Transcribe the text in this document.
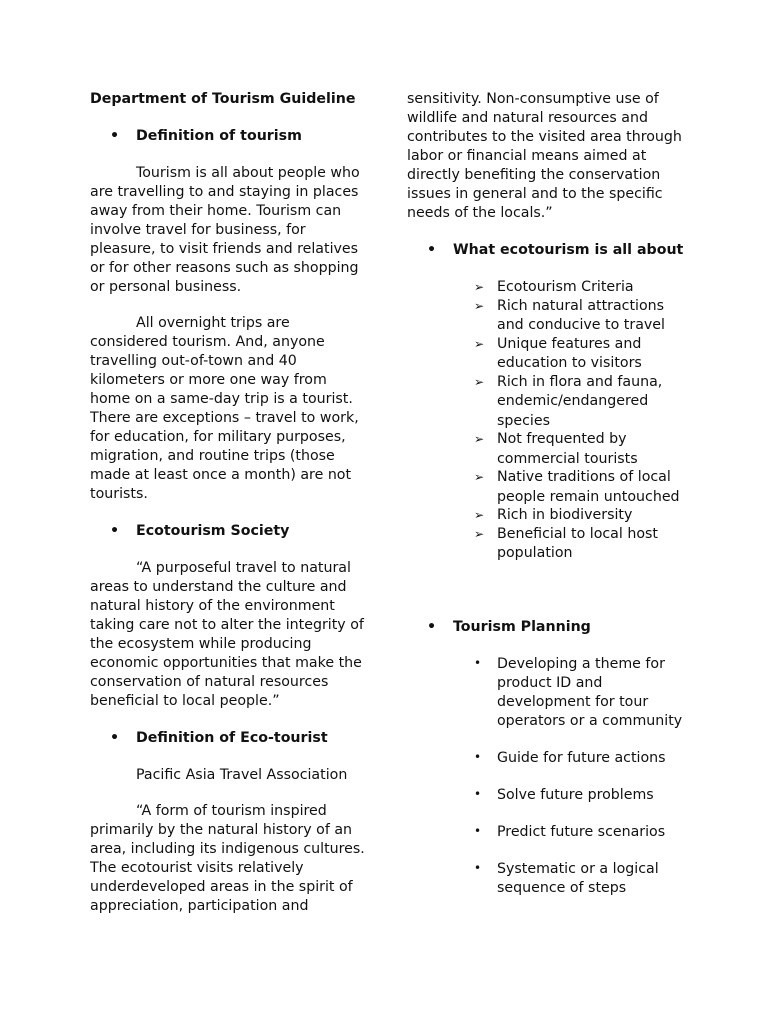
Department of Tourism Guideline

• Definition of tourism

Tourism is all about people who are travelling to and staying in places away from their home. Tourism can involve travel for business, for pleasure, to visit friends and relatives or for other reasons such as shopping or personal business.

All overnight trips are considered tourism. And, anyone travelling out-of-town and 40 kilometers or more one way from home on a same-day trip is a tourist. There are exceptions – travel to work, for education, for military purposes, migration, and routine trips (those made at least once a month) are not tourists.

• Ecotourism Society

“A purposeful travel to natural areas to understand the culture and natural history of the environment taking care not to alter the integrity of the ecosystem while producing economic opportunities that make the conservation of natural resources beneficial to local people.”

• Definition of Eco-tourist

Pacific Asia Travel Association

“A form of tourism inspired primarily by the natural history of an area, including its indigenous cultures. The ecotourist visits relatively underdeveloped areas in the spirit of appreciation, participation and

sensitivity. Non-consumptive use of wildlife and natural resources and contributes to the visited area through labor or financial means aimed at directly benefiting the conservation issues in general and to the specific needs of the locals.”

• What ecotourism is all about

➢ Ecotourism Criteria
➢ Rich natural attractions and conducive to travel
➢ Unique features and education to visitors
➢ Rich in flora and fauna, endemic/endangered species
➢ Not frequented by commercial tourists
➢ Native traditions of local people remain untouched
➢ Rich in biodiversity
➢ Beneficial to local host population

• Tourism Planning

• Developing a theme for product ID and development for tour operators or a community
• Guide for future actions
• Solve future problems
• Predict future scenarios
• Systematic or a logical sequence of steps
